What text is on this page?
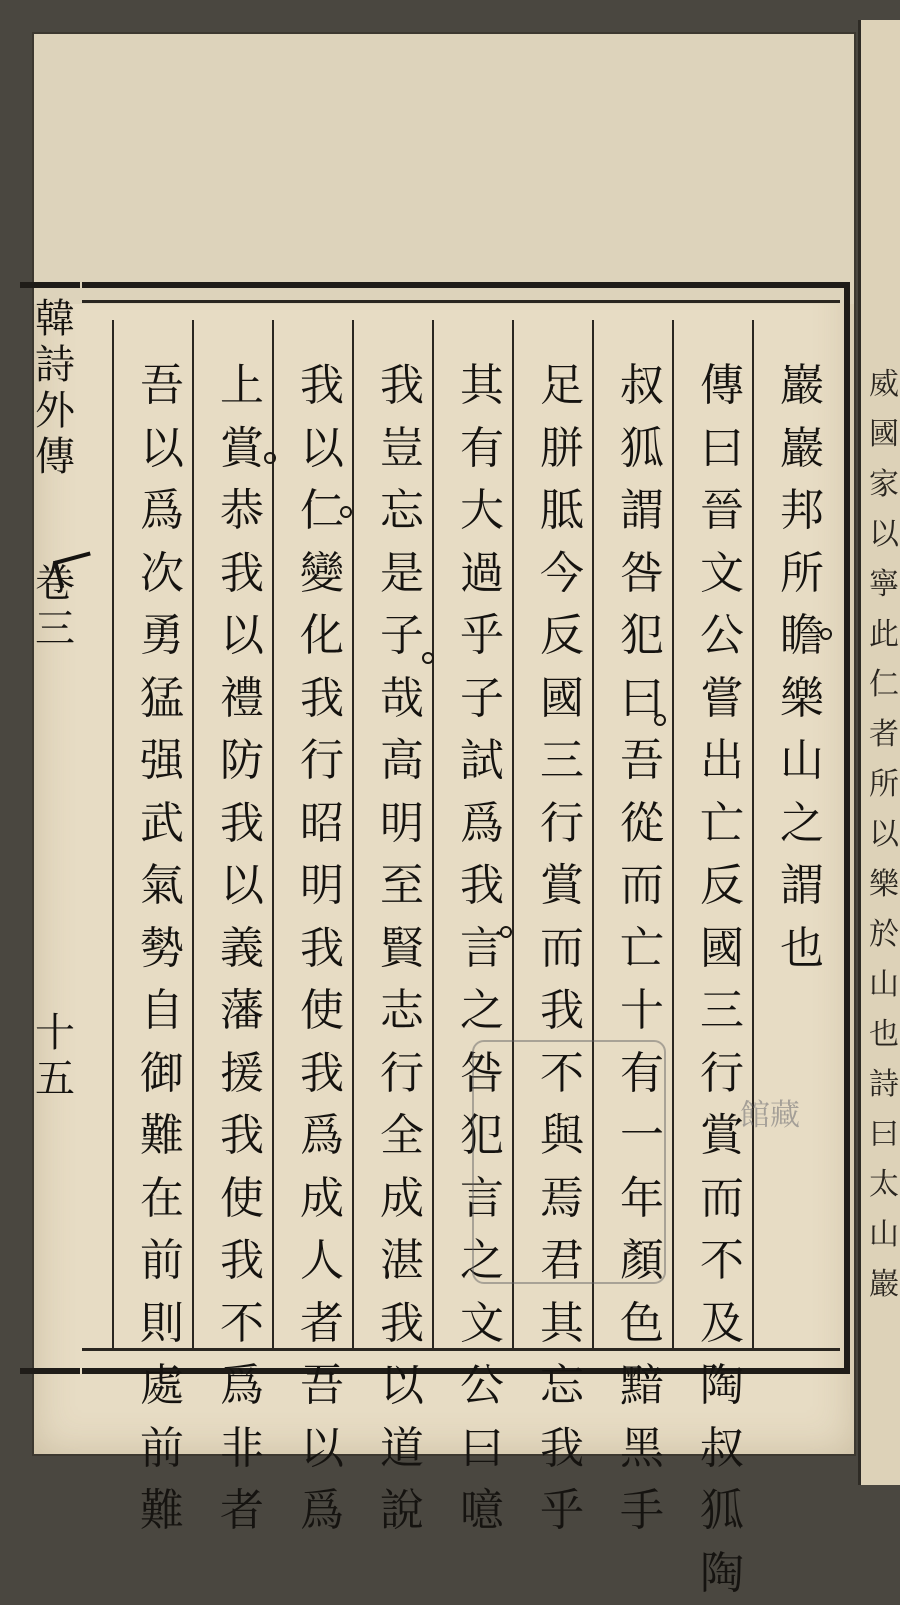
威國家以寧此仁者所以樂於山也詩曰太山巖
韓詩外傳
卷三
十五
巖巖邦所瞻樂山之謂也
傳曰晉文公嘗出亡反國三行賞而不及陶叔狐陶
叔狐謂咎犯曰吾從而亡十有一年顏色黯黑手
足胼胝今反國三行賞而我不與焉君其忘我乎
其有大過乎子試爲我言之咎犯言之文公曰噫
我豈忘是子哉高明至賢志行全成湛我以道說
我以仁變化我行昭明我使我爲成人者吾以爲
上賞恭我以禮防我以義藩援我使我不爲非者
吾以爲次勇猛强武氣勢自御難在前則處前難
館藏
